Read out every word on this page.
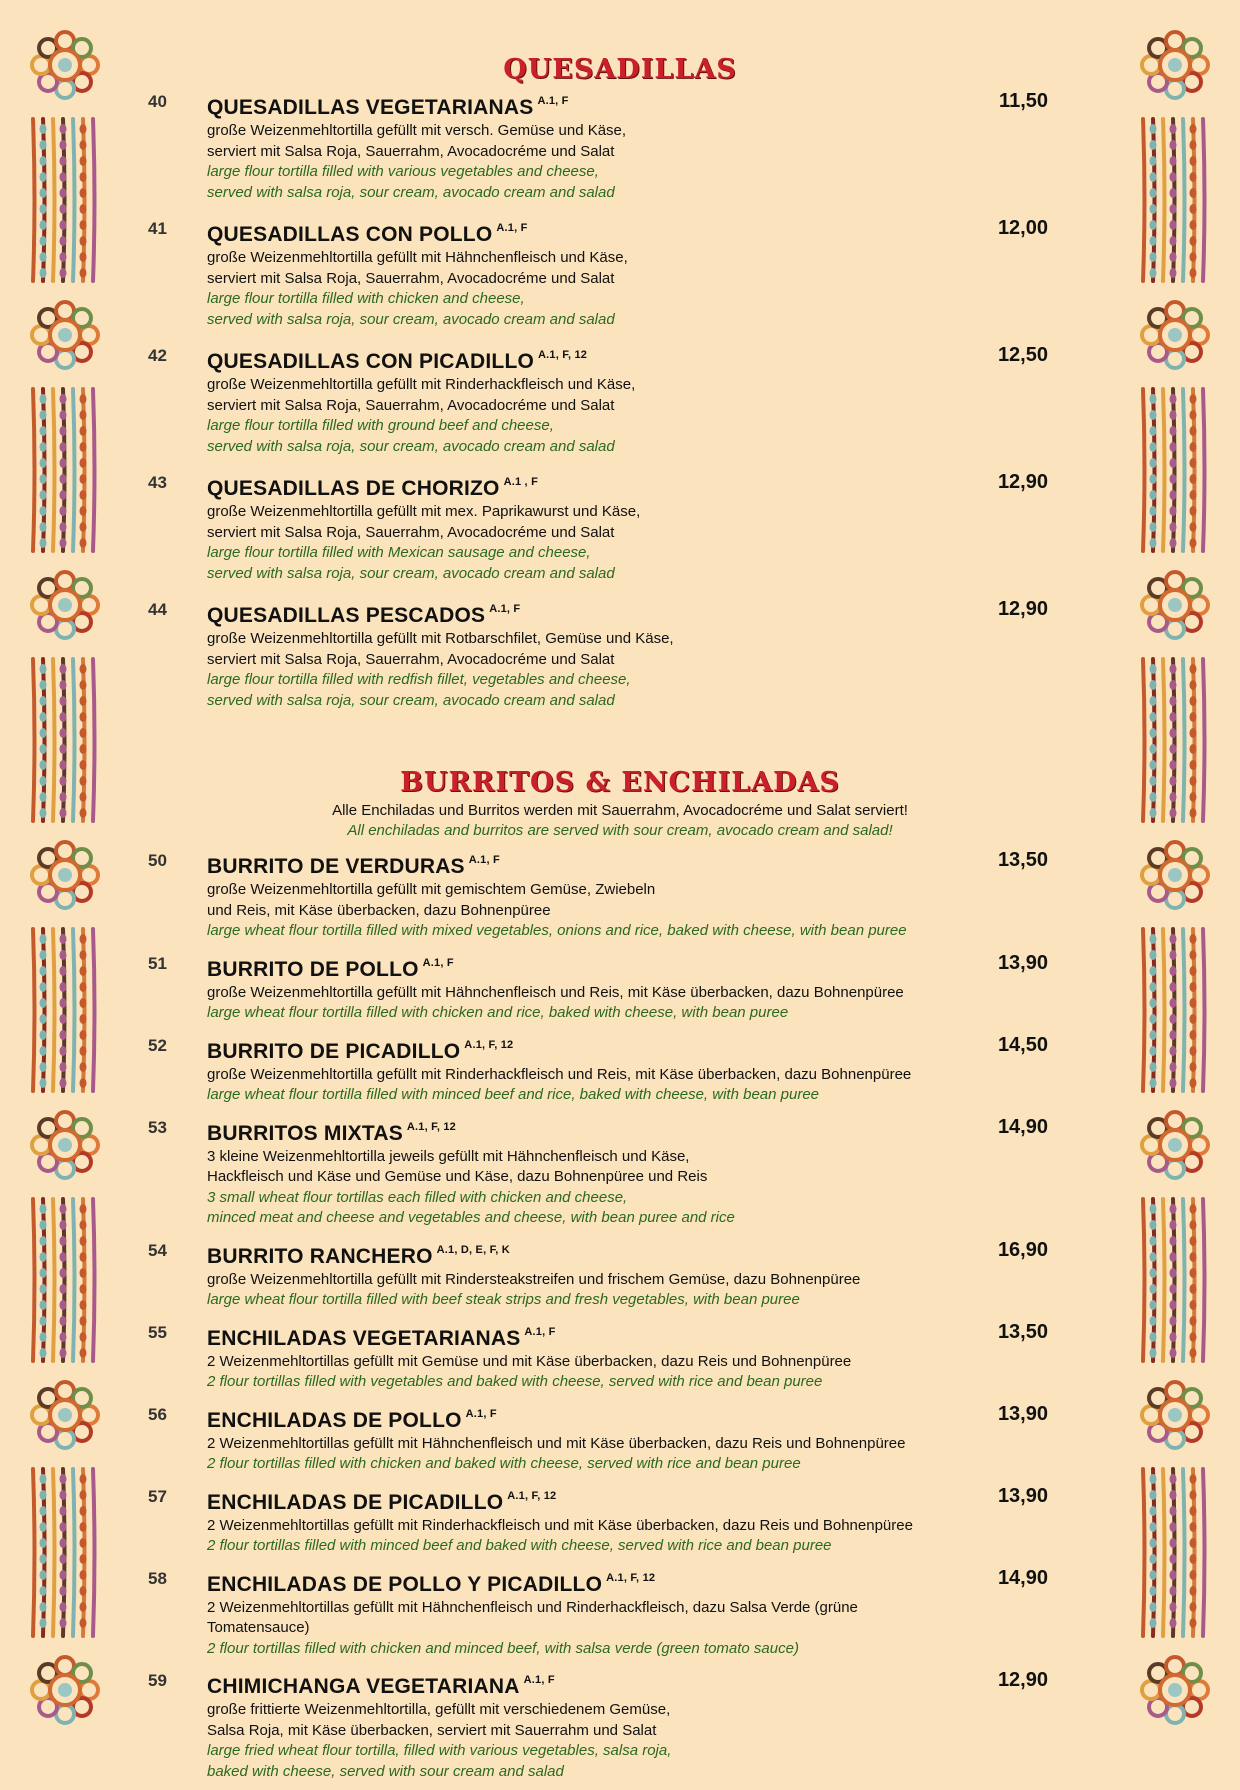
QUESADILLAS
40	11,50
QUESADILLAS VEGETARIANAS $^{A.1, F}$
große Weizenmehltortilla gefüllt mit versch. Gemüse und Käse,
serviert mit Salsa Roja, Sauerrahm, Avocadocréme und Salat
large flour tortilla filled with various vegetables and cheese,
served with salsa roja, sour cream, avocado cream and salad
41	12,00
QUESADILLAS CON POLLO $^{A.1, F}$
große Weizenmehltortilla gefüllt mit Hähnchenfleisch und Käse,
serviert mit Salsa Roja, Sauerrahm, Avocadocréme und Salat
large flour tortilla filled with chicken and cheese,
served with salsa roja, sour cream, avocado cream and salad
42	12,50
QUESADILLAS CON PICADILLO $^{A.1, F, 12}$
große Weizenmehltortilla gefüllt mit Rinderhackfleisch und Käse,
serviert mit Salsa Roja, Sauerrahm, Avocadocréme und Salat
large flour tortilla filled with ground beef and cheese,
served with salsa roja, sour cream, avocado cream and salad
43	12,90
QUESADILLAS DE CHORIZO $^{A.1 , F}$
große Weizenmehltortilla gefüllt mit mex. Paprikawurst und Käse,
serviert mit Salsa Roja, Sauerrahm, Avocadocréme und Salat
large flour tortilla filled with Mexican sausage and cheese,
served with salsa roja, sour cream, avocado cream and salad
44	12,90
QUESADILLAS PESCADOS $^{A.1, F}$
große Weizenmehltortilla gefüllt mit Rotbarschfilet, Gemüse und Käse,
serviert mit Salsa Roja, Sauerrahm, Avocadocréme und Salat
large flour tortilla filled with redfish fillet, vegetables and cheese,
served with salsa roja, sour cream, avocado cream and salad
BURRITOS & ENCHILADAS
Alle Enchiladas und Burritos werden mit Sauerrahm, Avocadocréme und Salat serviert!
All enchiladas and burritos are served with sour cream, avocado cream and salad!
50	13,50
BURRITO DE VERDURAS $^{A.1, F}$
große Weizenmehltortilla gefüllt mit gemischtem Gemüse, Zwiebeln
und Reis, mit Käse überbacken, dazu Bohnenpüree
large wheat flour tortilla filled with mixed vegetables, onions and rice, baked with cheese, with bean puree
51	13,90
BURRITO DE POLLO $^{A.1, F}$
große Weizenmehltortilla gefüllt mit Hähnchenfleisch und Reis, mit Käse überbacken, dazu Bohnenpüree
large wheat flour tortilla filled with chicken and rice, baked with cheese, with bean puree
52	14,50
BURRITO DE PICADILLO $^{A.1, F, 12}$
große Weizenmehltortilla gefüllt mit Rinderhackfleisch und Reis, mit Käse überbacken, dazu Bohnenpüree
large wheat flour tortilla filled with minced beef and rice, baked with cheese, with bean puree
53	14,90
BURRITOS MIXTAS $^{A.1, F, 12}$
3 kleine Weizenmehltortilla jeweils gefüllt mit Hähnchenfleisch und Käse,
Hackfleisch und Käse und Gemüse und Käse, dazu Bohnenpüree und Reis
3 small wheat flour tortillas each filled with chicken and cheese,
minced meat and cheese and vegetables and cheese, with bean puree and rice
54	16,90
BURRITO RANCHERO $^{A.1, D, E, F, K}$
große Weizenmehltortilla gefüllt mit Rindersteakstreifen und frischem Gemüse, dazu Bohnenpüree
large wheat flour tortilla filled with beef steak strips and fresh vegetables, with bean puree
55	13,50
ENCHILADAS VEGETARIANAS $^{A.1, F}$
2 Weizenmehltortillas gefüllt mit Gemüse und mit Käse überbacken, dazu Reis und Bohnenpüree
2 flour tortillas filled with vegetables and baked with cheese, served with rice and bean puree
56	13,90
ENCHILADAS DE POLLO $^{A.1, F}$
2 Weizenmehltortillas gefüllt mit Hähnchenfleisch und mit Käse überbacken, dazu Reis und Bohnenpüree
2 flour tortillas filled with chicken and baked with cheese, served with rice and bean puree
57	13,90
ENCHILADAS DE PICADILLO $^{A.1, F, 12}$
2 Weizenmehltortillas gefüllt mit Rinderhackfleisch und mit Käse überbacken, dazu Reis und Bohnenpüree
2 flour tortillas filled with minced beef and baked with cheese, served with rice and bean puree
58	14,90
ENCHILADAS DE POLLO Y PICADILLO $^{A.1, F, 12}$
2 Weizenmehltortillas gefüllt mit Hähnchenfleisch und Rinderhackfleisch, dazu Salsa Verde (grüne Tomatensauce)
2 flour tortillas filled with chicken and minced beef, with salsa verde (green tomato sauce)
59	12,90
CHIMICHANGA VEGETARIANA $^{A.1, F}$
große frittierte Weizenmehltortilla, gefüllt mit verschiedenem Gemüse,
Salsa Roja, mit Käse überbacken, serviert mit Sauerrahm und Salat
large fried wheat flour tortilla, filled with various vegetables, salsa roja,
baked with cheese, served with sour cream and salad
